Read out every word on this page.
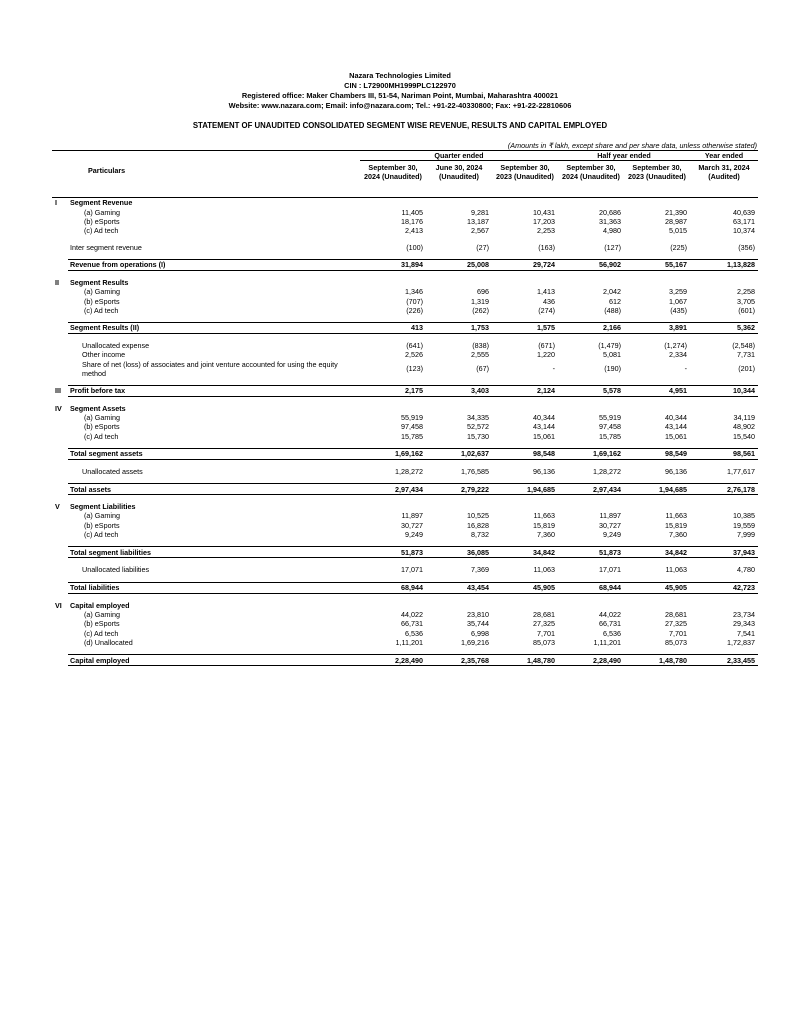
Nazara Technologies Limited
CIN : L72900MH1999PLC122970
Registered office: Maker Chambers III, 51-54, Nariman Point, Mumbai, Maharashtra 400021
Website: www.nazara.com; Email: info@nazara.com; Tel.: +91-22-40330800; Fax: +91-22-22810606
STATEMENT OF UNAUDITED CONSOLIDATED SEGMENT WISE REVENUE, RESULTS AND CAPITAL EMPLOYED
(Amounts in ₹ lakh, except share and per share data, unless otherwise stated)
		Quarter ended			Half year ended		Year ended
	Particulars	September 30, 2024 (Unaudited)	June 30, 2024 (Unaudited)	September 30, 2023 (Unaudited)	September 30, 2024 (Unaudited)	September 30, 2023 (Unaudited)	March 31, 2024 (Audited)
I	Segment Revenue						
	(a) Gaming	11,405	9,281	10,431	20,686	21,390	40,639
	(b) eSports	18,176	13,187	17,203	31,363	28,987	63,171
	(c) Ad tech	2,413	2,567	2,253	4,980	5,015	10,374

	Inter segment revenue	(100)	(27)	(163)	(127)	(225)	(356)

	Revenue from operations (I)	31,894	25,008	29,724	56,902	55,167	1,13,828

II	Segment Results						
	(a) Gaming	1,346	696	1,413	2,042	3,259	2,258
	(b) eSports	(707)	1,319	436	612	1,067	3,705
	(c) Ad tech	(226)	(262)	(274)	(488)	(435)	(601)

	Segment Results (II)	413	1,753	1,575	2,166	3,891	5,362

	Unallocated expense	(641)	(838)	(671)	(1,479)	(1,274)	(2,548)
	Other income	2,526	2,555	1,220	5,081	2,334	7,731
	Share of net (loss) of associates and joint venture accounted for using the equity method	(123)	(67)	-	(190)	-	(201)

III	Profit before tax	2,175	3,403	2,124	5,578	4,951	10,344

IV	Segment Assets						
	(a) Gaming	55,919	34,335	40,344	55,919	40,344	34,119
	(b) eSports	97,458	52,572	43,144	97,458	43,144	48,902
	(c) Ad tech	15,785	15,730	15,061	15,785	15,061	15,540

	Total segment assets	1,69,162	1,02,637	98,548	1,69,162	98,549	98,561

	Unallocated assets	1,28,272	1,76,585	96,136	1,28,272	96,136	1,77,617

	Total assets	2,97,434	2,79,222	1,94,685	2,97,434	1,94,685	2,76,178

V	Segment Liabilities						
	(a) Gaming	11,897	10,525	11,663	11,897	11,663	10,385
	(b) eSports	30,727	16,828	15,819	30,727	15,819	19,559
	(c) Ad tech	9,249	8,732	7,360	9,249	7,360	7,999

	Total segment liabilities	51,873	36,085	34,842	51,873	34,842	37,943

	Unallocated liabilities	17,071	7,369	11,063	17,071	11,063	4,780

	Total liabilities	68,944	43,454	45,905	68,944	45,905	42,723

VI	Capital employed						
	(a) Gaming	44,022	23,810	28,681	44,022	28,681	23,734
	(b) eSports	66,731	35,744	27,325	66,731	27,325	29,343
	(c) Ad tech	6,536	6,998	7,701	6,536	7,701	7,541
	(d) Unallocated	1,11,201	1,69,216	85,073	1,11,201	85,073	1,72,837

	Capital employed	2,28,490	2,35,768	1,48,780	2,28,490	1,48,780	2,33,455
